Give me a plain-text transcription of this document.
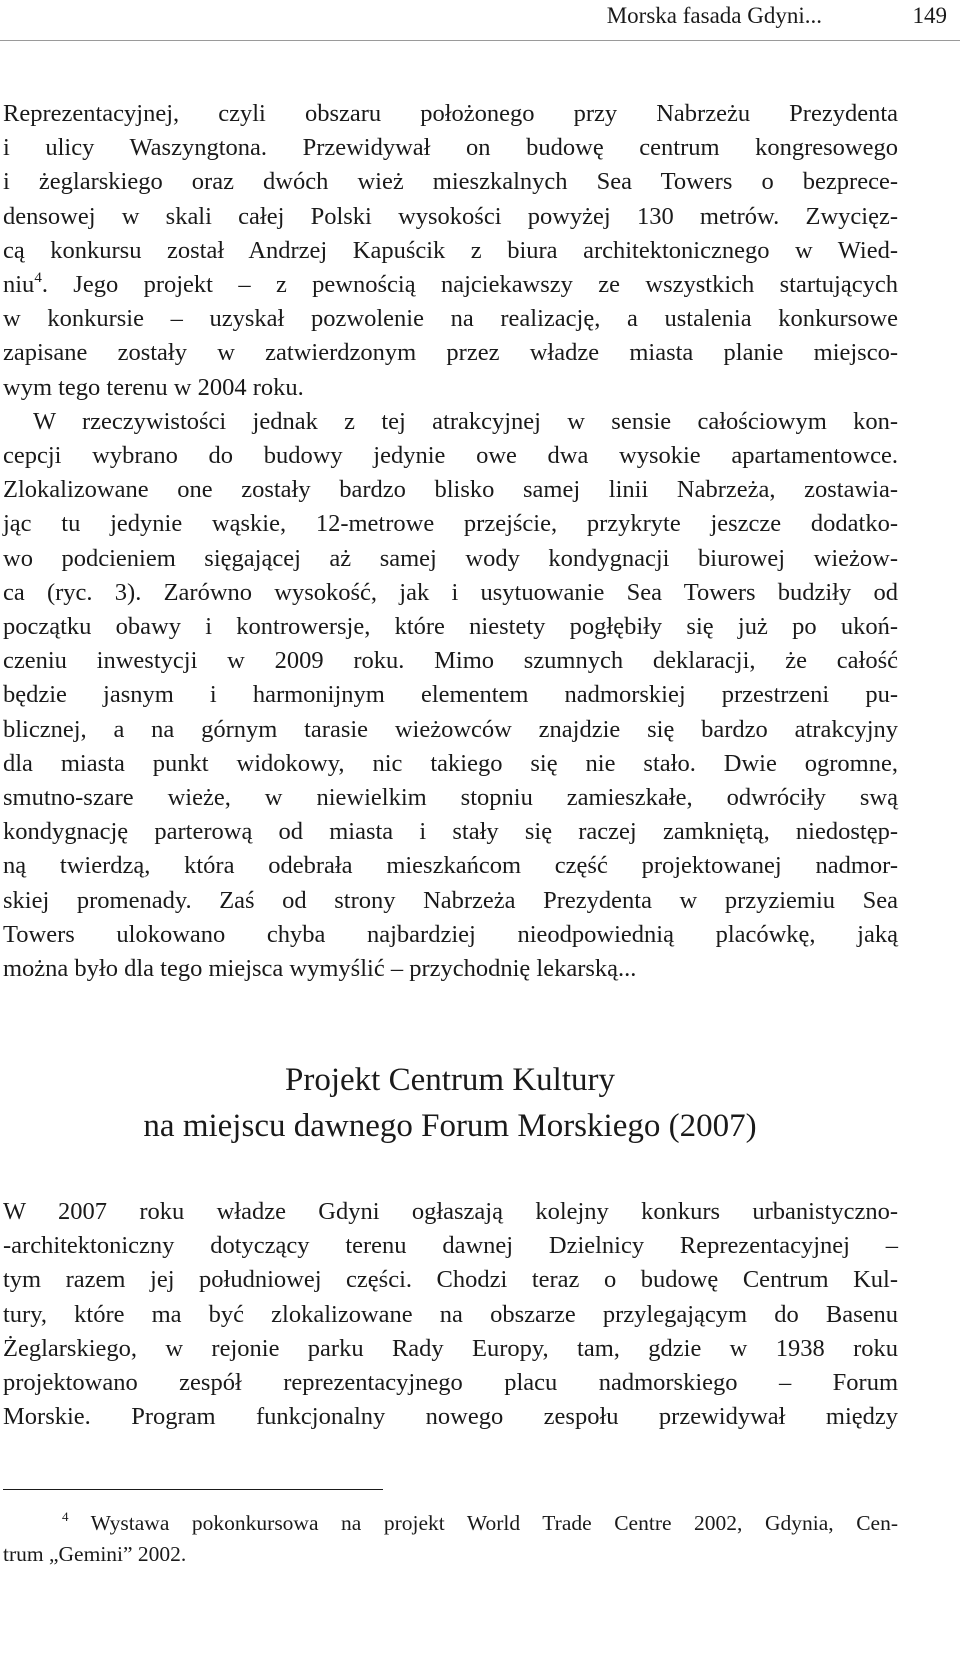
Morska fasada Gdyni...	149
Reprezentacyjnej, czyli obszaru położonego przy Nabrzeżu Prezydenta
i ulicy Waszyngtona. Przewidywał on budowę centrum kongresowego
i żeglarskiego oraz dwóch wież mieszkalnych Sea Towers o bezprece-
densowej w skali całej Polski wysokości powyżej 130 metrów. Zwycięz-
cą konkursu został Andrzej Kapuścik z biura architektonicznego w Wied-
niu$^4$. Jego projekt – z pewnością najciekawszy ze wszystkich startujących
w konkursie – uzyskał pozwolenie na realizację, a ustalenia konkursowe
zapisane zostały w zatwierdzonym przez władze miasta planie miejsco-
wym tego terenu w 2004 roku.
W rzeczywistości jednak z tej atrakcyjnej w sensie całościowym kon-
cepcji wybrano do budowy jedynie owe dwa wysokie apartamentowce.
Zlokalizowane one zostały bardzo blisko samej linii Nabrzeża, zostawia-
jąc tu jedynie wąskie, 12-metrowe przejście, przykryte jeszcze dodatko-
wo podcieniem sięgającej aż samej wody kondygnacji biurowej wieżow-
ca (ryc. 3). Zarówno wysokość, jak i usytuowanie Sea Towers budziły od
początku obawy i kontrowersje, które niestety pogłębiły się już po ukoń-
czeniu inwestycji w 2009 roku. Mimo szumnych deklaracji, że całość
będzie jasnym i harmonijnym elementem nadmorskiej przestrzeni pu-
blicznej, a na górnym tarasie wieżowców znajdzie się bardzo atrakcyjny
dla miasta punkt widokowy, nic takiego się nie stało. Dwie ogromne,
smutno-szare wieże, w niewielkim stopniu zamieszkałe, odwróciły swą
kondygnację parterową od miasta i stały się raczej zamkniętą, niedostęp-
ną twierdzą, która odebrała mieszkańcom część projektowanej nadmor-
skiej promenady. Zaś od strony Nabrzeża Prezydenta w przyziemiu Sea
Towers ulokowano chyba najbardziej nieodpowiednią placówkę, jaką
można było dla tego miejsca wymyślić – przychodnię lekarską...
Projekt Centrum Kultury
na miejscu dawnego Forum Morskiego (2007)
W 2007 roku władze Gdyni ogłaszają kolejny konkurs urbanistyczno-
-architektoniczny dotyczący terenu dawnej Dzielnicy Reprezentacyjnej –
tym razem jej południowej części. Chodzi teraz o budowę Centrum Kul-
tury, które ma być zlokalizowane na obszarze przylegającym do Basenu
Żeglarskiego, w rejonie parku Rady Europy, tam, gdzie w 1938 roku
projektowano zespół reprezentacyjnego placu nadmorskiego – Forum
Morskie. Program funkcjonalny nowego zespołu przewidywał między
$^4$ Wystawa pokonkursowa na projekt World Trade Centre 2002, Gdynia, Cen-
trum „Gemini” 2002.
